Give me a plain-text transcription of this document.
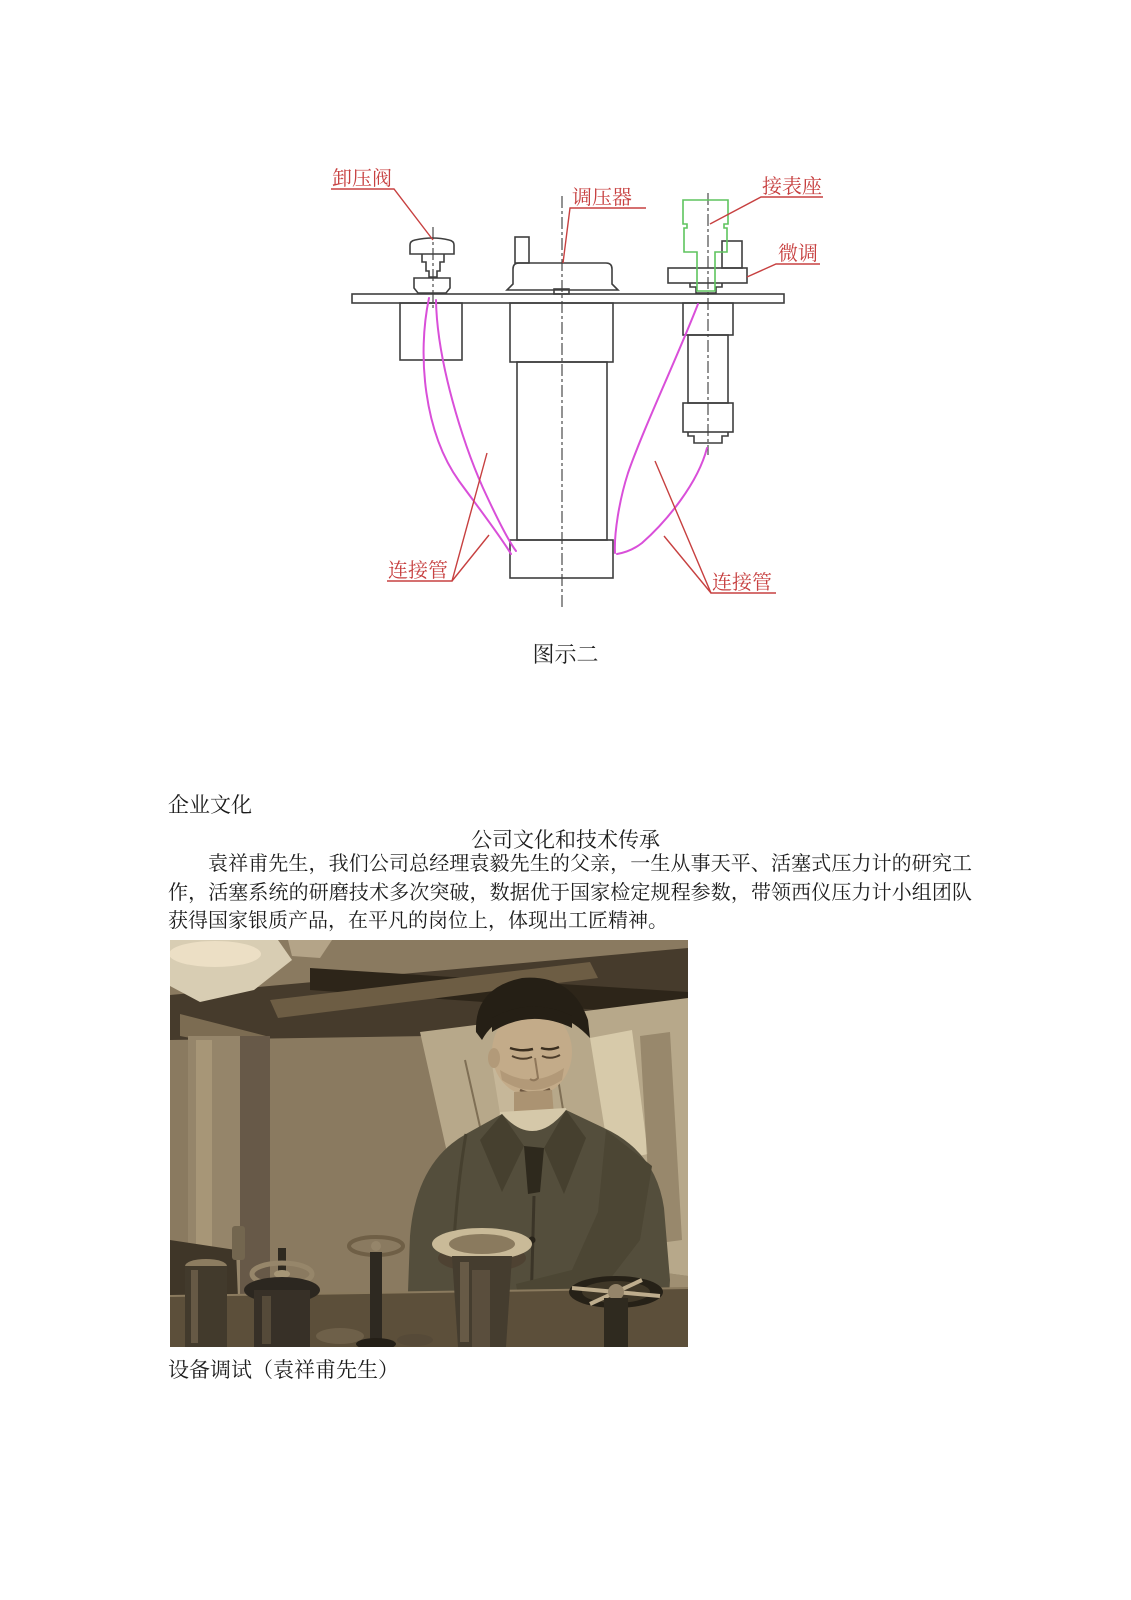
卸压阀
调压器	接表座
微调
连接管
连接管
图示二
企业文化
公司文化和技术传承
袁祥甫先生，我们公司总经理袁毅先生的父亲，一生从事天平、活塞式压力计的研究工作，活塞系统的研磨技术多次突破，数据优于国家检定规程参数，带领西仪压力计小组团队获得国家银质产品，在平凡的岗位上，体现出工匠精神。
设备调试（袁祥甫先生）
